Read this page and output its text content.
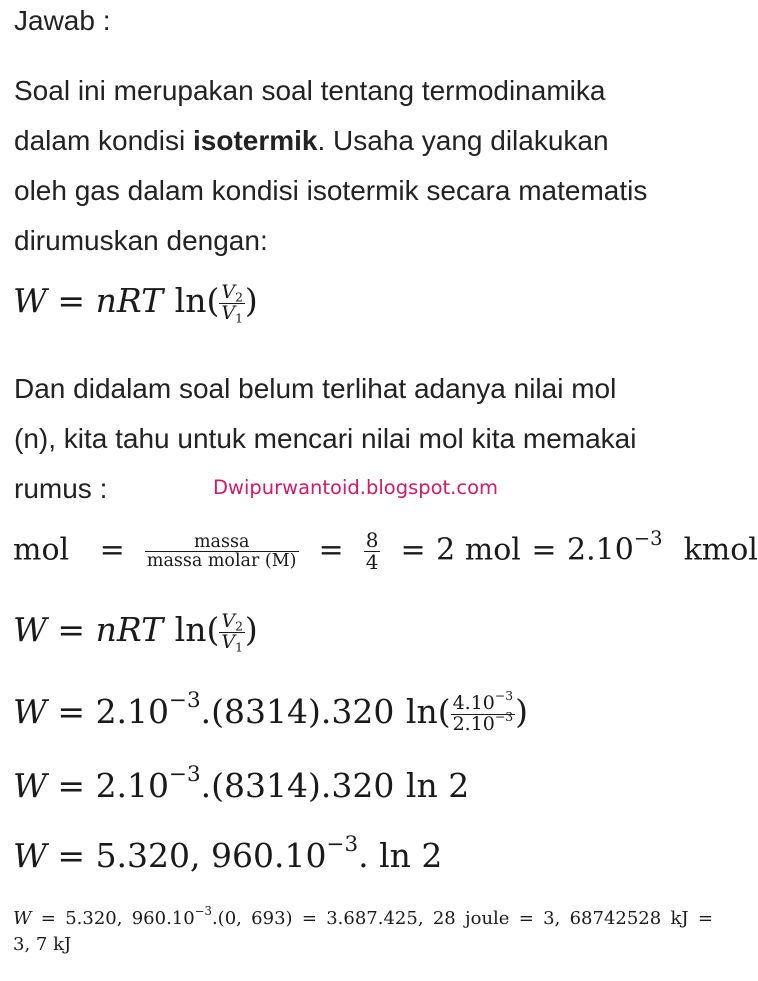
Jawab :
Soal ini merupakan soal tentang termodinamika
dalam kondisi isotermik. Usaha yang dilakukan
oleh gas dalam kondisi isotermik secara matematis
dirumuskan dengan:
W = nRT $\ln( \frac{V_2}{V_1}$ )
Dan didalam soal belum terlihat adanya nilai mol
(n), kita tahu untuk mencari nilai mol kita memakai
rumus :	Dwipurwantoid.blogspot.com
mol = $\frac{\text{massa}}{\text{massa molar (M)}} = \frac{8}{4} = 2$ mol = $2.10^{-3}$ kmol
W = nRT $\ln( \frac{V_2}{V_1}$ )
$W = 2.10^{-3}.(8314).320$ $\ln( \frac{4.10^{-3}}{2.10^{-3}}$ )
$W = 2.10^{-3}.(8314).320$ ln 2
W = 5.320, $960.10^{-3}$. ln 2
W = 5.320, $960.10^{-3}.(0$, 693) = 3.687.425, 28 joule = 3, 68742528 kJ =
3, 7 kJ
